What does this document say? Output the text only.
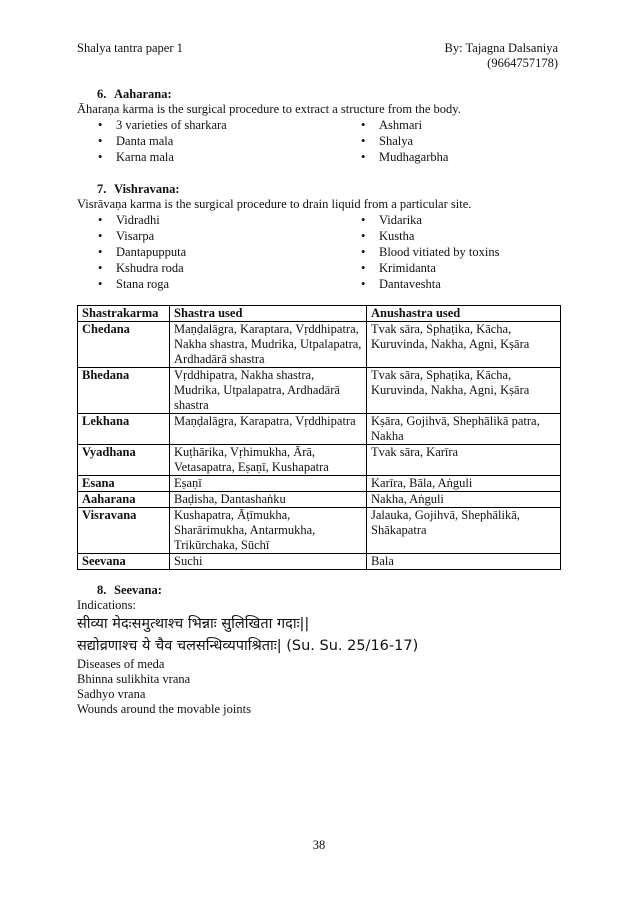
Shalya tantra paper 1	By: Tajagna Dalsaniya
(9664757178)

6. Aaharana:

Āharaṇa karma is the surgical procedure to extract a structure from the body.

• 3 varieties of sharkara	• Ashmari
• Danta mala	• Shalya
• Karna mala	• Mudhagarbha

7. Vishravana:

Visrāvaṇa karma is the surgical procedure to drain liquid from a particular site.

• Vidradhi	• Vidarika
• Visarpa	• Kustha
• Dantapupputa	• Blood vitiated by toxins
• Kshudra roda	• Krimidanta
• Stana roga	• Dantaveshta
Shastrakarma	Shastra used	Anushastra used
Chedana	Maṇḍalāgra, Karaptara, Vṛddhipatra, Nakha shastra, Mudrika, Utpalapatra, Ardhadārā shastra	Tvak sāra, Sphaṭika, Kācha, Kuruvinda, Nakha, Agni, Kṣāra
Bhedana	Vṛddhipatra, Nakha shastra, Mudrika, Utpalapatra, Ardhadārā shastra	Tvak sāra, Sphaṭika, Kācha, Kuruvinda, Nakha, Agni, Kṣāra
Lekhana	Maṇḍalāgra, Karapatra, Vṛddhipatra	Kṣāra, Gojihvā, Shephālikā patra, Nakha
Vyadhana	Kuṭhārika, Vṛhimukha, Ārā, Vetasapatra, Eṣaṇī, Kushapatra	Tvak sāra, Karīra
Esana	Eṣaṇī	Karīra, Bāla, Aṅguli
Aaharana	Baḍisha, Dantashaṅku	Nakha, Aṅguli
Visravana	Kushapatra, Āṭīmukha, Sharārimukha, Antarmukha, Trikūrchaka, Sūchī	Jalauka, Gojihvā, Shephālikā, Shākapatra
Seevana	Suchi	Bala

8. Seevana:

Indications:

सीव्या मेदःसमुत्थाश्च भिन्नाः सुलिखिता गदाः||

सद्योव्रणाश्च ये चैव चलसन्धिव्यपाश्रिताः| (Su. Su. 25/16-17)

Diseases of meda

Bhinna sulikhita vrana

Sadhyo vrana

Wounds around the movable joints

38
